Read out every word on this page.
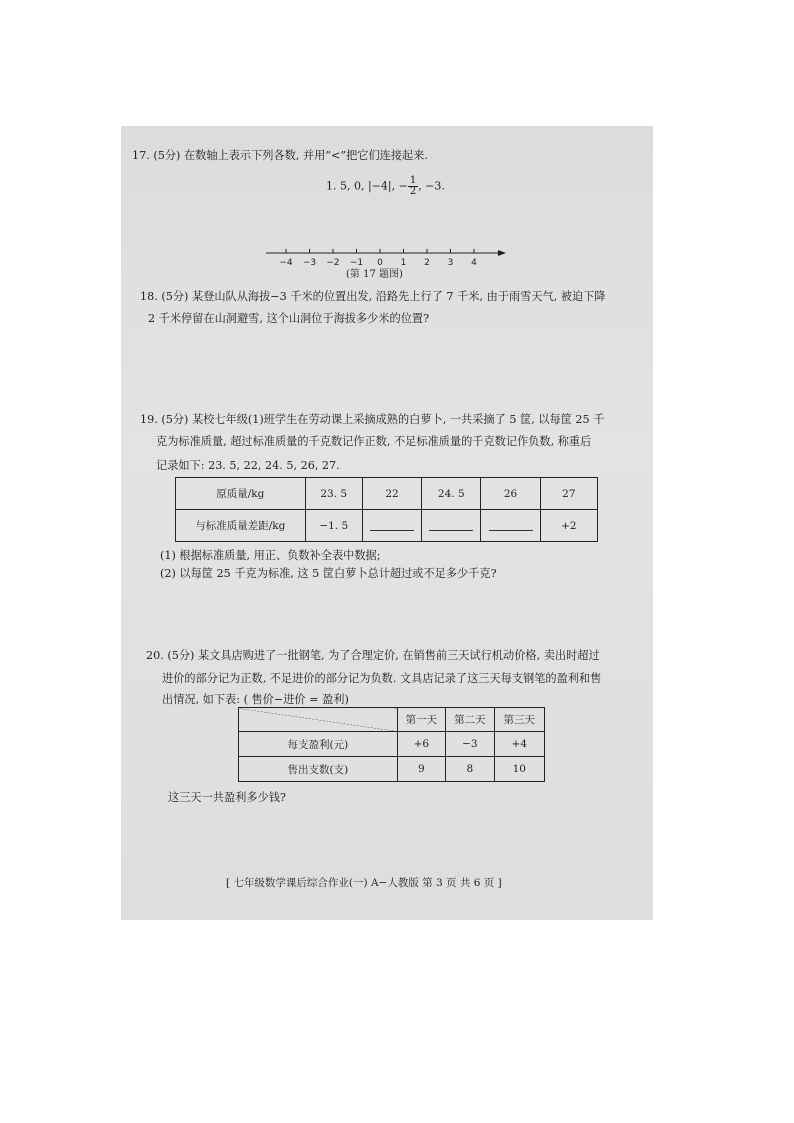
17. (5分) 在数轴上表示下列各数, 并用“<”把它们连接起来.
1. 5, 0, |−4|, − $\frac{1}{2}$ , −3.
−4 −3 −2 −1 0 1 2 3 4
(第 17 题图)
18. (5分) 某登山队从海拔−3 千米的位置出发, 沿路先上行了 7 千米, 由于雨雪天气, 被迫下降
2 千米停留在山洞避雪, 这个山洞位于海拔多少米的位置?
19. (5分) 某校七年级(1)班学生在劳动课上采摘成熟的白萝卜, 一共采摘了 5 筐, 以每筐 25 千
克为标准质量, 超过标准质量的千克数记作正数, 不足标准质量的千克数记作负数, 称重后
记录如下: 23. 5, 22, 24. 5, 26, 27.
原质量/kg	23. 5	22	24. 5	26	27
与标准质量差距/kg	−1. 5				+2
(1) 根据标准质量, 用正、负数补全表中数据;
(2) 以每筐 25 千克为标准, 这 5 筐白萝卜总计超过或不足多少千克?
20. (5分) 某文具店购进了一批钢笔, 为了合理定价, 在销售前三天试行机动价格, 卖出时超过
进价的部分记为正数, 不足进价的部分记为负数. 文具店记录了这三天每支钢笔的盈利和售
出情况, 如下表: ( 售价−进价 = 盈利)
	第一天	第二天	第三天
每支盈利(元)	+6	−3	+4
售出支数(支)	9	8	10
这三天一共盈利多少钱?
[ 七年级数学课后综合作业(一) A−人教版 第 3 页 共 6 页 ]
